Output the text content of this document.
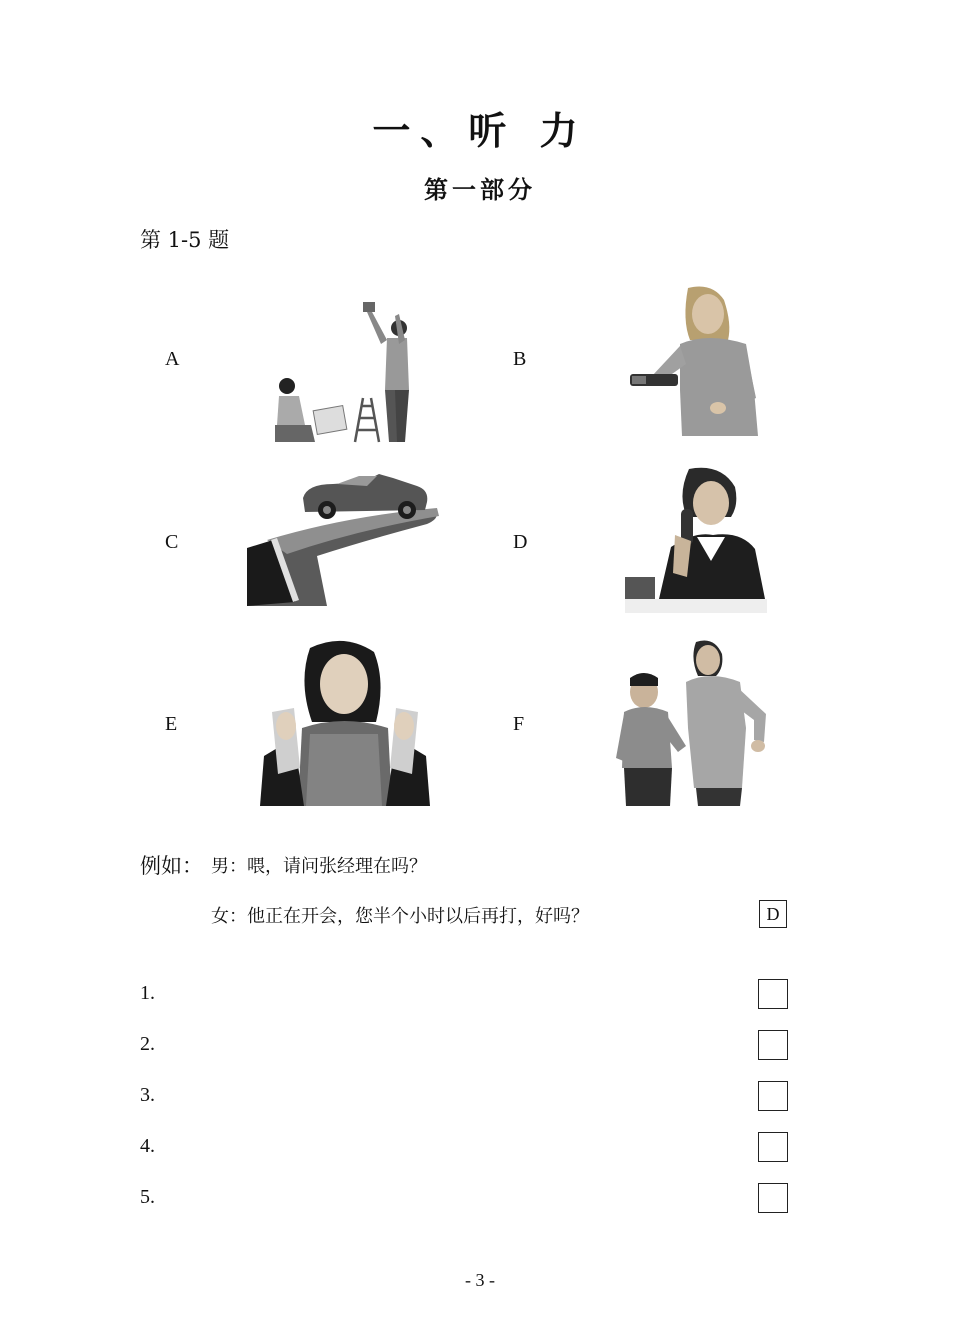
一、听 力
第一部分
第 1-5 题
A	B
C	D
E	F
例如： 男：喂，请问张经理在吗？
女：他正在开会，您半个小时以后再打，好吗？	D
1.
2.
3.
4.
5.
- 3 -
